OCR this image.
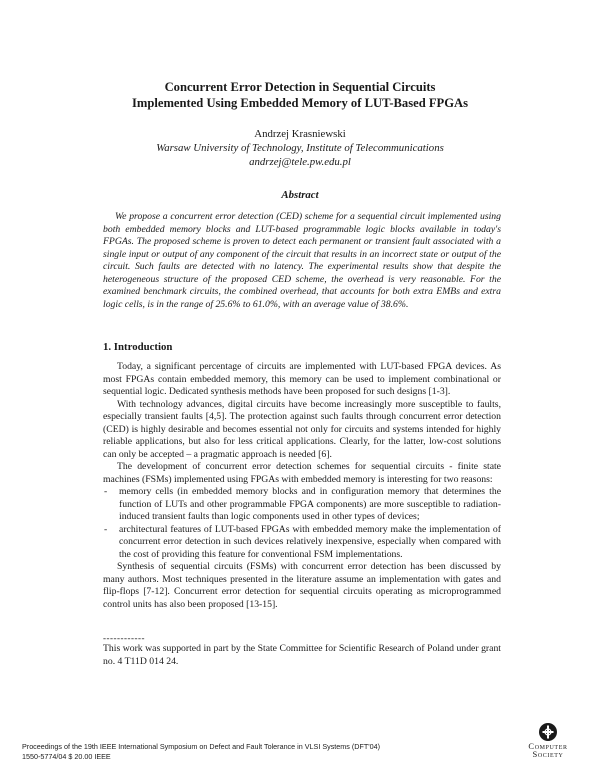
Concurrent Error Detection in Sequential Circuits
Implemented Using Embedded Memory of LUT-Based FPGAs
Andrzej Krasniewski
Warsaw University of Technology, Institute of Telecommunications
andrzej@tele.pw.edu.pl
Abstract

We propose a concurrent error detection (CED) scheme for a sequential circuit implemented using both embedded memory blocks and LUT-based programmable logic blocks available in today's FPGAs. The proposed scheme is proven to detect each permanent or transient fault associated with a single input or output of any component of the circuit that results in an incorrect state or output of the circuit. Such faults are detected with no latency. The experimental results show that despite the heterogeneous structure of the proposed CED scheme, the overhead is very reasonable. For the examined benchmark circuits, the combined overhead, that accounts for both extra EMBs and extra logic cells, is in the range of 25.6% to 61.0%, with an average value of 38.6%.

1. Introduction

Today, a significant percentage of circuits are implemented with LUT-based FPGA devices. As most FPGAs contain embedded memory, this memory can be used to implement combinational or sequential logic. Dedicated synthesis methods have been proposed for such designs [1-3].

With technology advances, digital circuits have become increasingly more susceptible to faults, especially transient faults [4,5]. The protection against such faults through concurrent error detection (CED) is highly desirable and becomes essential not only for circuits and systems intended for highly reliable applications, but also for less critical applications. Clearly, for the latter, low-cost solutions can only be accepted – a pragmatic approach is needed [6].

The development of concurrent error detection schemes for sequential circuits - finite state machines (FSMs) implemented using FPGAs with embedded memory is interesting for two reasons:

- memory cells (in embedded memory blocks and in configuration memory that determines the function of LUTs and other programmable FPGA components) are more susceptible to radiation-induced transient faults than logic components used in other types of devices;
- architectural features of LUT-based FPGAs with embedded memory make the implementation of concurrent error detection in such devices relatively inexpensive, especially when compared with the cost of providing this feature for conventional FSM implementations.

Synthesis of sequential circuits (FSMs) with concurrent error detection has been discussed by many authors. Most techniques presented in the literature assume an implementation with gates and flip-flops [7-12]. Concurrent error detection for sequential circuits operating as microprogrammed control units has also been proposed [13-15].

------------

This work was supported in part by the State Committee for Scientific Research of Poland under grant no. 4 T11D 014 24.

Proceedings of the 19th IEEE International Symposium on Defect and Fault Tolerance in VLSI Systems (DFT'04)
1550-5774/04 $ 20.00 IEEE
Computer
Society
